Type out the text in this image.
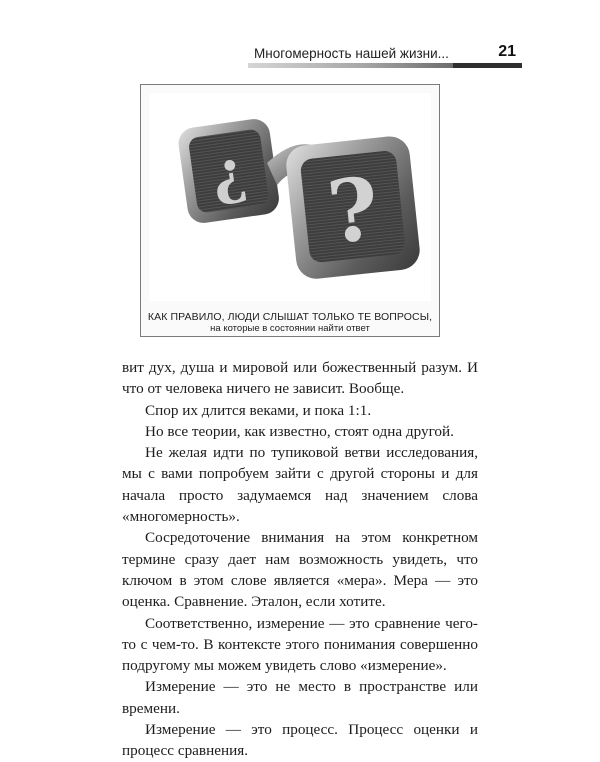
Многомерность нашей жизни...	21
? ?
КАК ПРАВИЛО, ЛЮДИ СЛЫШАТ ТОЛЬКО ТЕ ВОПРОСЫ,
на которые в состоянии найти ответ

вит дух, душа и мировой или божественный разум. И что от человека ничего не зависит. Вообще.

Спор их длится веками, и пока 1:1.

Но все теории, как известно, стоят одна другой.

Не желая идти по тупиковой ветви исследования, мы с вами попробуем зайти с другой стороны и для начала просто задумаемся над значением слова «многомерность».

Сосредоточение внимания на этом конкретном термине сразу дает нам возможность увидеть, что ключом в этом слове является «мера». Мера — это оценка. Сравнение. Эталон, если хотите.

Соответственно, измерение — это сравнение чего-то с чем-то. В контексте этого понимания совершенно подругому мы можем увидеть слово «измерение».

Измерение — это не место в пространстве или времени.

Измерение — это процесс. Процесс оценки и процесс сравнения.
